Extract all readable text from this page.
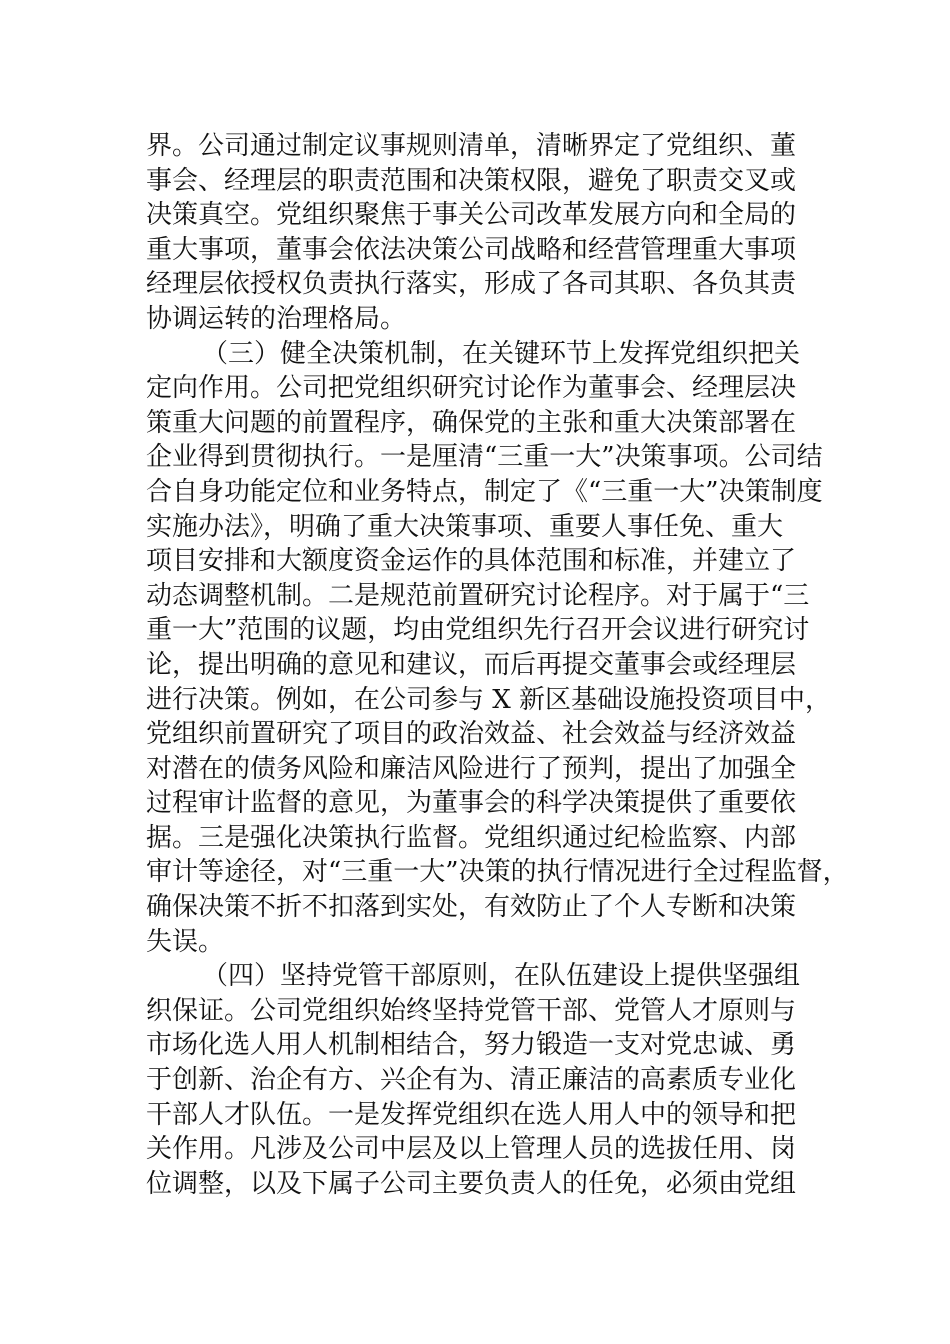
界。公司通过制定议事规则清单，清晰界定了党组织、董
事会、经理层的职责范围和决策权限，避免了职责交叉或
决策真空。党组织聚焦于事关公司改革发展方向和全局的
重大事项，董事会依法决策公司战略和经营管理重大事项
经理层依授权负责执行落实，形成了各司其职、各负其责
协调运转的治理格局。
（三）健全决策机制，在关键环节上发挥党组织把关
定向作用。公司把党组织研究讨论作为董事会、经理层决
策重大问题的前置程序，确保党的主张和重大决策部署在
企业得到贯彻执行。一是厘清“三重一大”决策事项。公司结
合自身功能定位和业务特点，制定了《“三重一大”决策制度
实施办法》，明确了重大决策事项、重要人事任免、重大
项目安排和大额度资金运作的具体范围和标准，并建立了
动态调整机制。二是规范前置研究讨论程序。对于属于“三
重一大”范围的议题，均由党组织先行召开会议进行研究讨
论，提出明确的意见和建议，而后再提交董事会或经理层
进行决策。例如，在公司参与 X 新区基础设施投资项目中，
党组织前置研究了项目的政治效益、社会效益与经济效益
对潜在的债务风险和廉洁风险进行了预判，提出了加强全
过程审计监督的意见，为董事会的科学决策提供了重要依
据。三是强化决策执行监督。党组织通过纪检监察、内部
审计等途径，对“三重一大”决策的执行情况进行全过程监督，
确保决策不折不扣落到实处，有效防止了个人专断和决策
失误。
（四）坚持党管干部原则，在队伍建设上提供坚强组
织保证。公司党组织始终坚持党管干部、党管人才原则与
市场化选人用人机制相结合，努力锻造一支对党忠诚、勇
于创新、治企有方、兴企有为、清正廉洁的高素质专业化
干部人才队伍。一是发挥党组织在选人用人中的领导和把
关作用。凡涉及公司中层及以上管理人员的选拔任用、岗
位调整，以及下属子公司主要负责人的任免，必须由党组
